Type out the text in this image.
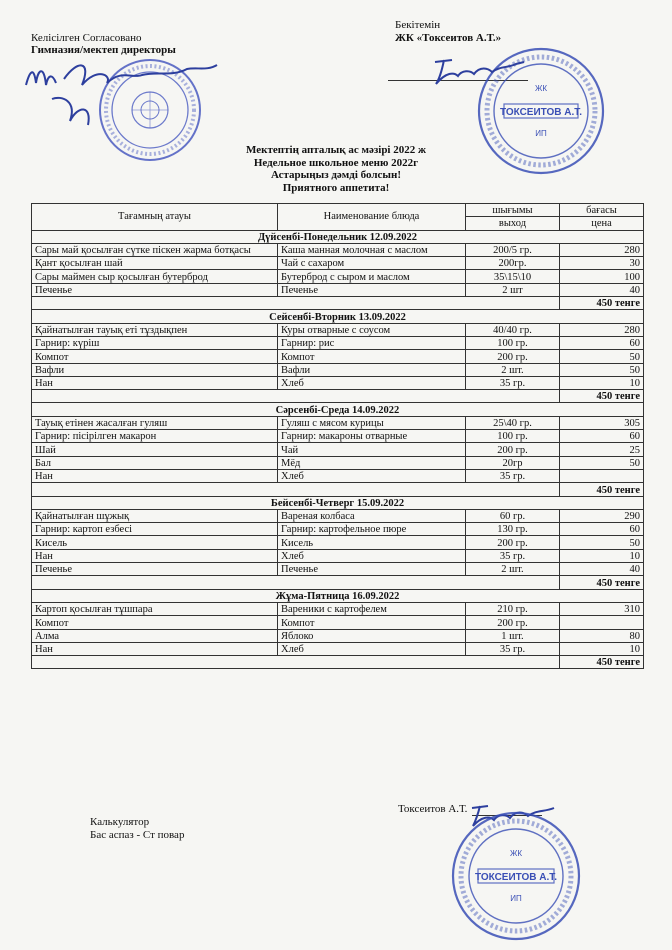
Келісілген Согласовано
Гимназия/мектеп директоры
Бекітемін
ЖК «Токсеитов А.Т.»
ЖК
ТОКСЕИТОВ А.Т.
ИП
Мектептің апталық ас мәзірі 2022 ж
Недельное школьное меню 2022г
Астарыңыз дәмді болсын!
Приятного аппетита!
Тағамның атауы	Наименование блюда	шығымы	бағасы
		выход	цена
Дүйсенбі-Понедельник 12.09.2022			
Сары май қосылған сүтке піскен жарма ботқасы	Каша манная молочная с маслом	200/5 гр.	280
Қант қосылған шай	Чай с сахаром	200гр.	30
Сары маймен сыр қосылған бутерброд	Бутерброд с сыром и маслом	35\15\10	100
Печенье	Печенье	2 шт	40
			450 тенге
Сейсенбі-Вторник 13.09.2022			
Қайнатылған тауық еті тұздықпен	Куры отварные с соусом	40/40 гр.	280
Гарнир: күріш	Гарнир: рис	100 гр.	60
Компот	Компот	200 гр.	50
Вафли	Вафли	2 шт.	50
Нан	Хлеб	35 гр.	10
			450 тенге
Сәрсенбі-Среда 14.09.2022			
Тауық етінен жасалған гуляш	Гуляш с мясом курицы	25\40 гр.	305
Гарнир: пісірілген макарон	Гарнир: макароны отварные	100 гр.	60
Шай	Чай	200 гр.	25
Бал	Мёд	20гр	50
Нан	Хлеб	35 гр.	
			450 тенге
Бейсенбі-Четверг 15.09.2022			
Қайнатылған шұжық	Вареная колбаса	60 гр.	290
Гарнир: картоп езбесі	Гарнир: картофельное пюре	130 гр.	60
Кисель	Кисель	200 гр.	50
Нан	Хлеб	35 гр.	10
Печенье	Печенье	2 шт.	40
			450 тенге
Жұма-Пятница 16.09.2022			
Картоп қосылған тұшпара	Вареники с картофелем	210 гр.	310
Компот	Компот	200 гр.	
Алма	Яблоко	1 шт.	80
Нан	Хлеб	35 гр.	10
			450 тенге
Калькулятор
Бас аспаз - Ст повар
Токсеитов А.Т.
ЖК
ТОКСЕИТОВ А.Т.
ИП
